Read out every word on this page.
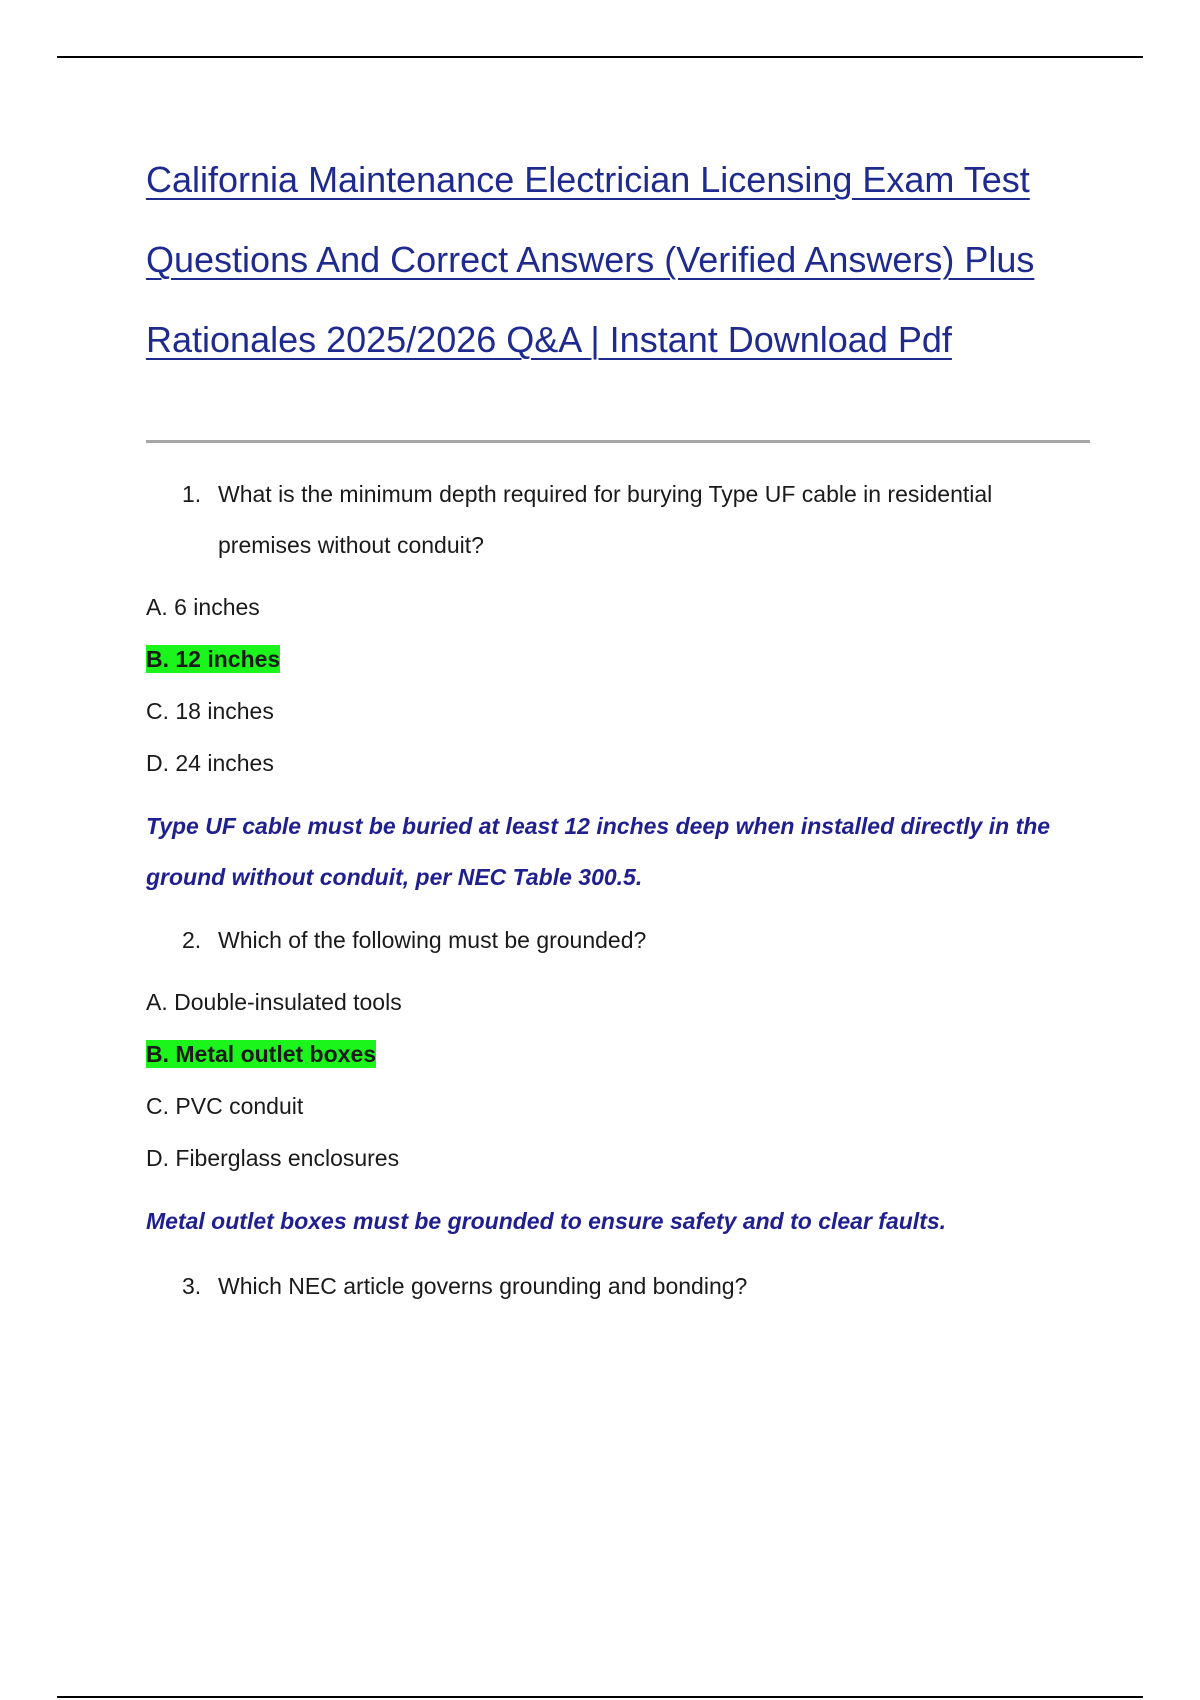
California Maintenance Electrician Licensing Exam Test Questions And Correct Answers (Verified Answers) Plus Rationales 2025/2026 Q&A | Instant Download Pdf
1. What is the minimum depth required for burying Type UF cable in residential premises without conduit?
A. 6 inches
B. 12 inches
C. 18 inches
D. 24 inches
Type UF cable must be buried at least 12 inches deep when installed directly in the ground without conduit, per NEC Table 300.5.
2. Which of the following must be grounded?
A. Double-insulated tools
B. Metal outlet boxes
C. PVC conduit
D. Fiberglass enclosures
Metal outlet boxes must be grounded to ensure safety and to clear faults.
3. Which NEC article governs grounding and bonding?
